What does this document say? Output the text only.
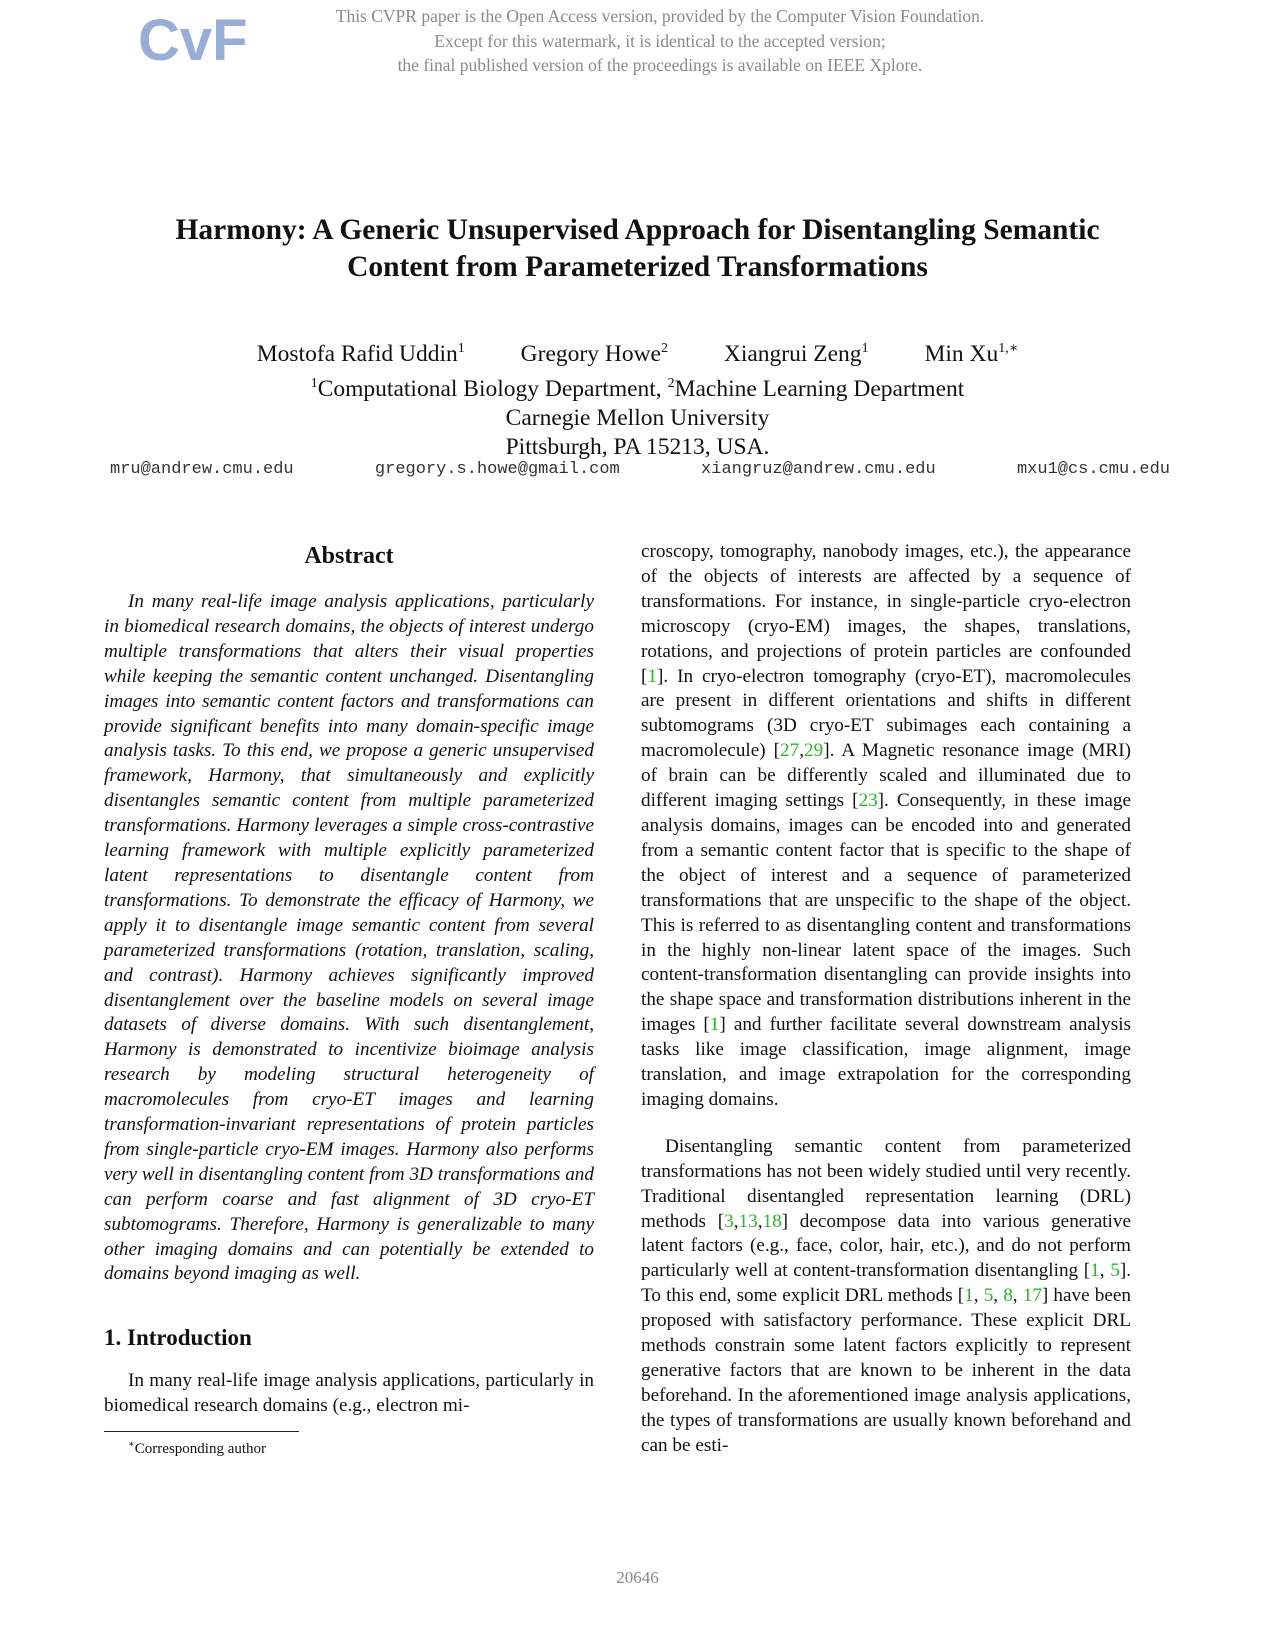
CvF	This CVPR paper is the Open Access version, provided by the Computer Vision Foundation.
Except for this watermark, it is identical to the accepted version;
the final published version of the proceedings is available on IEEE Xplore.
Harmony: A Generic Unsupervised Approach for Disentangling Semantic
Content from Parameterized Transformations
Mostofa Rafid Uddin$^1$ Gregory Howe$^2$ Xiangrui Zeng$^1$ Min $Xu^{1,∗}$
$^1$Computational Biology Department, $^2$Machine Learning Department
Carnegie Mellon University
Pittsburgh, PA 15213, USA.
mru@andrew.cmu.edu	gregory.s.howe@gmail.com	xiangruz@andrew.cmu.edu	mxu1@cs.cmu.edu
Abstract

In many real-life image analysis applications, particularly in biomedical research domains, the objects of interest undergo multiple transformations that alters their visual properties while keeping the semantic content unchanged. Disentangling images into semantic content factors and transformations can provide significant benefits into many domain-specific image analysis tasks. To this end, we propose a generic unsupervised framework, Harmony, that simultaneously and explicitly disentangles semantic content from multiple parameterized transformations. Harmony leverages a simple cross-contrastive learning framework with multiple explicitly parameterized latent representations to disentangle content from transformations. To demonstrate the efficacy of Harmony, we apply it to disentangle image semantic content from several parameterized transformations (rotation, translation, scaling, and contrast). Harmony achieves significantly improved disentanglement over the baseline models on several image datasets of diverse domains. With such disentanglement, Harmony is demonstrated to incentivize bioimage analysis research by modeling structural heterogeneity of macromolecules from cryo-ET images and learning transformation-invariant representations of protein particles from single-particle cryo-EM images. Harmony also performs very well in disentangling content from 3D transformations and can perform coarse and fast alignment of 3D cryo-ET subtomograms. Therefore, Harmony is generalizable to many other imaging domains and can potentially be extended to domains beyond imaging as well.

1. Introduction

In many real-life image analysis applications, particularly in biomedical research domains (e.g., electron mi-

∗Corresponding author

croscopy, tomography, nanobody images, etc.), the appearance of the objects of interests are affected by a sequence of transformations. For instance, in single-particle cryo-electron microscopy (cryo-EM) images, the shapes, translations, rotations, and projections of protein particles are confounded [1]. In cryo-electron tomography (cryo-ET), macromolecules are present in different orientations and shifts in different subtomograms (3D cryo-ET subimages each containing a macromolecule) [27,29]. A Magnetic resonance image (MRI) of brain can be differently scaled and illuminated due to different imaging settings [23]. Consequently, in these image analysis domains, images can be encoded into and generated from a semantic content factor that is specific to the shape of the object of interest and a sequence of parameterized transformations that are unspecific to the shape of the object. This is referred to as disentangling content and transformations in the highly non-linear latent space of the images. Such content-transformation disentangling can provide insights into the shape space and transformation distributions inherent in the images [1] and further facilitate several downstream analysis tasks like image classification, image alignment, image translation, and image extrapolation for the corresponding imaging domains.

Disentangling semantic content from parameterized transformations has not been widely studied until very recently. Traditional disentangled representation learning (DRL) methods [3,13,18] decompose data into various generative latent factors (e.g., face, color, hair, etc.), and do not perform particularly well at content-transformation disentangling [1, 5]. To this end, some explicit DRL methods [1, 5, 8, 17] have been proposed with satisfactory performance. These explicit DRL methods constrain some latent factors explicitly to represent generative factors that are known to be inherent in the data beforehand. In the aforementioned image analysis applications, the types of transformations are usually known beforehand and can be esti-

20646
